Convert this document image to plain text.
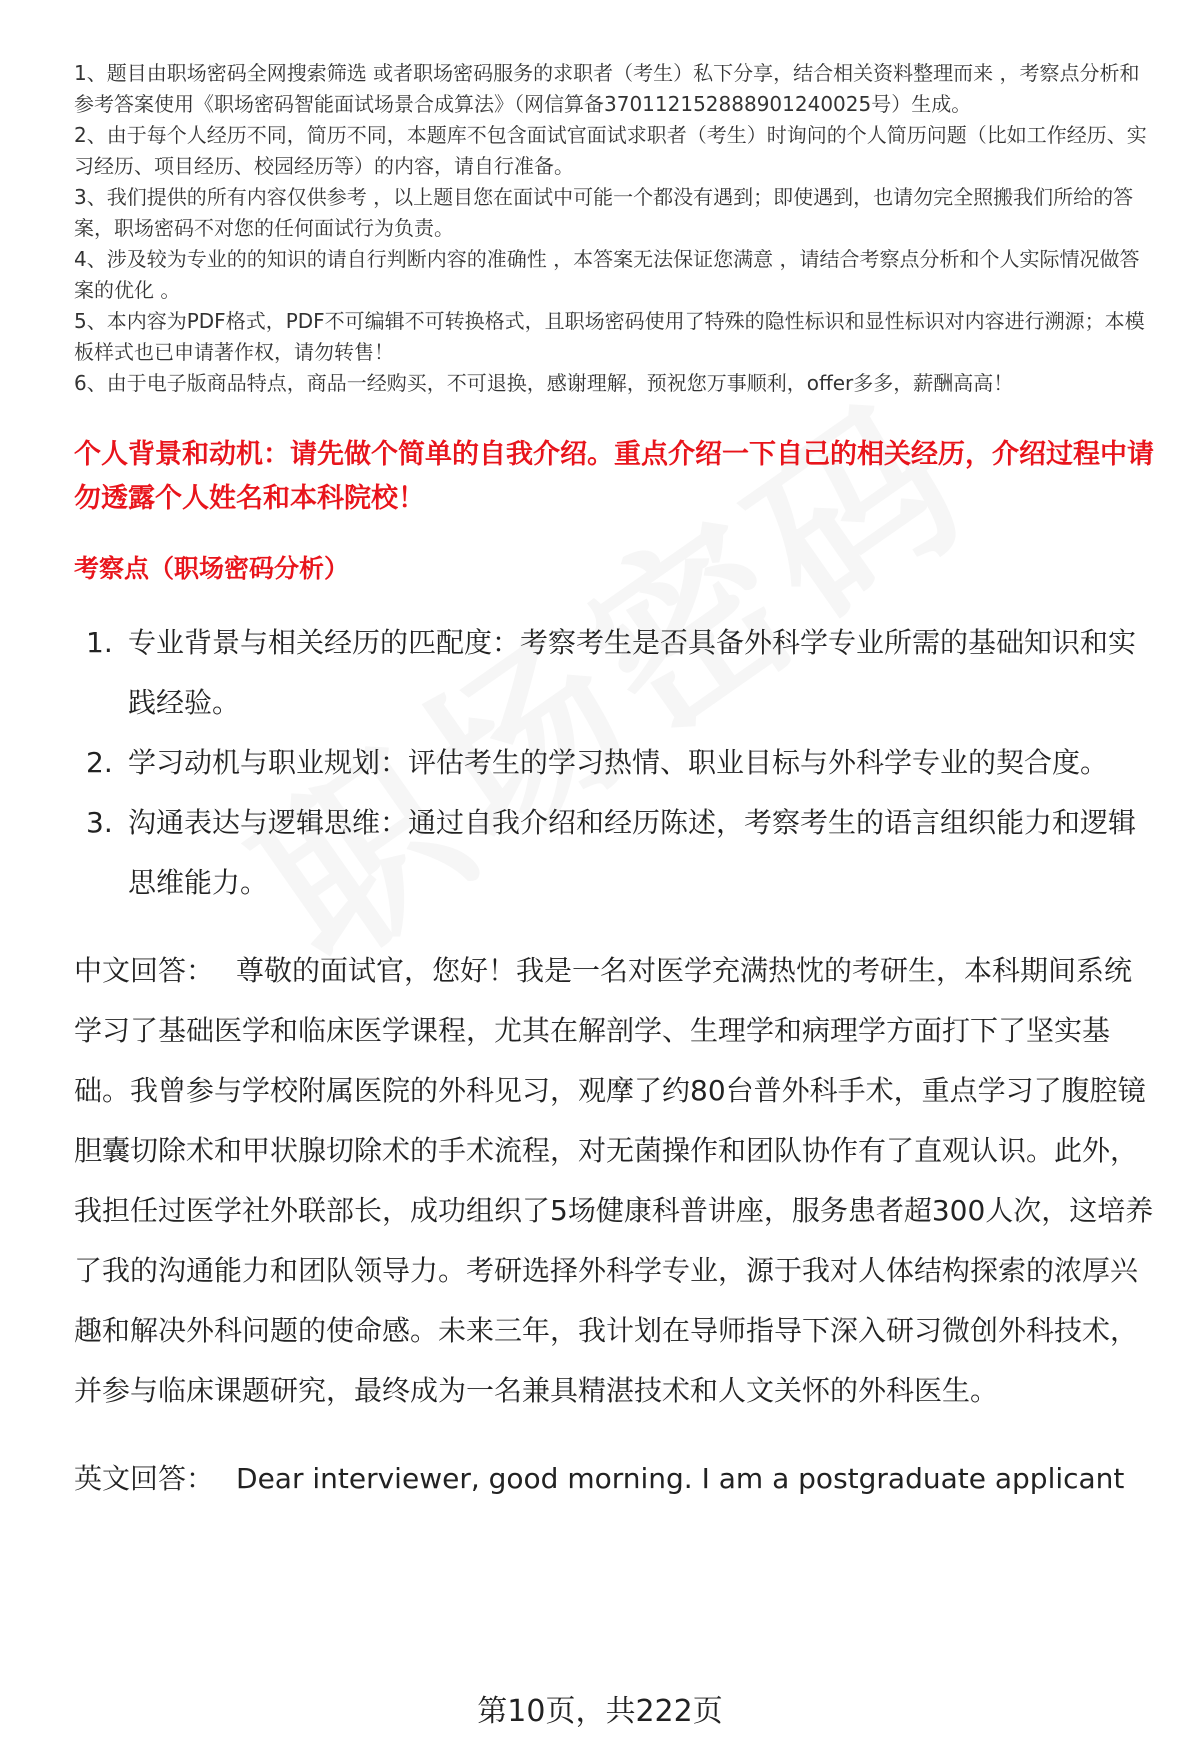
1、题目由职场密码全网搜索筛选 或者职场密码服务的求职者（考生）私下分享，结合相关资料整理而来 ，考察点分析和参考答案使用《职场密码智能面试场景合成算法》（网信算备370112152888901240025号）生成。
2、由于每个人经历不同，简历不同，本题库不包含面试官面试求职者（考生）时询问的个人简历问题（比如工作经历、实习经历、项目经历、校园经历等）的内容，请自行准备。
3、我们提供的所有内容仅供参考 ，以上题目您在面试中可能一个都没有遇到；即使遇到，也请勿完全照搬我们所给的答案，职场密码不对您的任何面试行为负责。
4、涉及较为专业的的知识的请自行判断内容的准确性 ，本答案无法保证您满意 ，请结合考察点分析和个人实际情况做答案的优化 。
5、本内容为PDF格式，PDF不可编辑不可转换格式，且职场密码使用了特殊的隐性标识和显性标识对内容进行溯源；本模板样式也已申请著作权，请勿转售！
6、由于电子版商品特点，商品一经购买，不可退换，感谢理解，预祝您万事顺利，offer多多，薪酬高高！
个人背景和动机：请先做个简单的自我介绍。重点介绍一下自己的相关经历，介绍过程中请勿透露个人姓名和本科院校！
考察点（职场密码分析）
1. 专业背景与相关经历的匹配度：考察考生是否具备外科学专业所需的基础知识和实践经验。
2. 学习动机与职业规划：评估考生的学习热情、职业目标与外科学专业的契合度。
3. 沟通表达与逻辑思维：通过自我介绍和经历陈述，考察考生的语言组织能力和逻辑思维能力。
中文回答： 尊敬的面试官，您好！我是一名对医学充满热忱的考研生，本科期间系统学习了基础医学和临床医学课程，尤其在解剖学、生理学和病理学方面打下了坚实基础。我曾参与学校附属医院的外科见习，观摩了约80台普外科手术，重点学习了腹腔镜胆囊切除术和甲状腺切除术的手术流程，对无菌操作和团队协作有了直观认识。此外，我担任过医学社外联部长，成功组织了5场健康科普讲座，服务患者超300人次，这培养了我的沟通能力和团队领导力。考研选择外科学专业，源于我对人体结构探索的浓厚兴趣和解决外科问题的使命感。未来三年，我计划在导师指导下深入研习微创外科技术，并参与临床课题研究，最终成为一名兼具精湛技术和人文关怀的外科医生。
英文回答： Dear interviewer, good morning. I am a postgraduate applicant
第10页，共222页
